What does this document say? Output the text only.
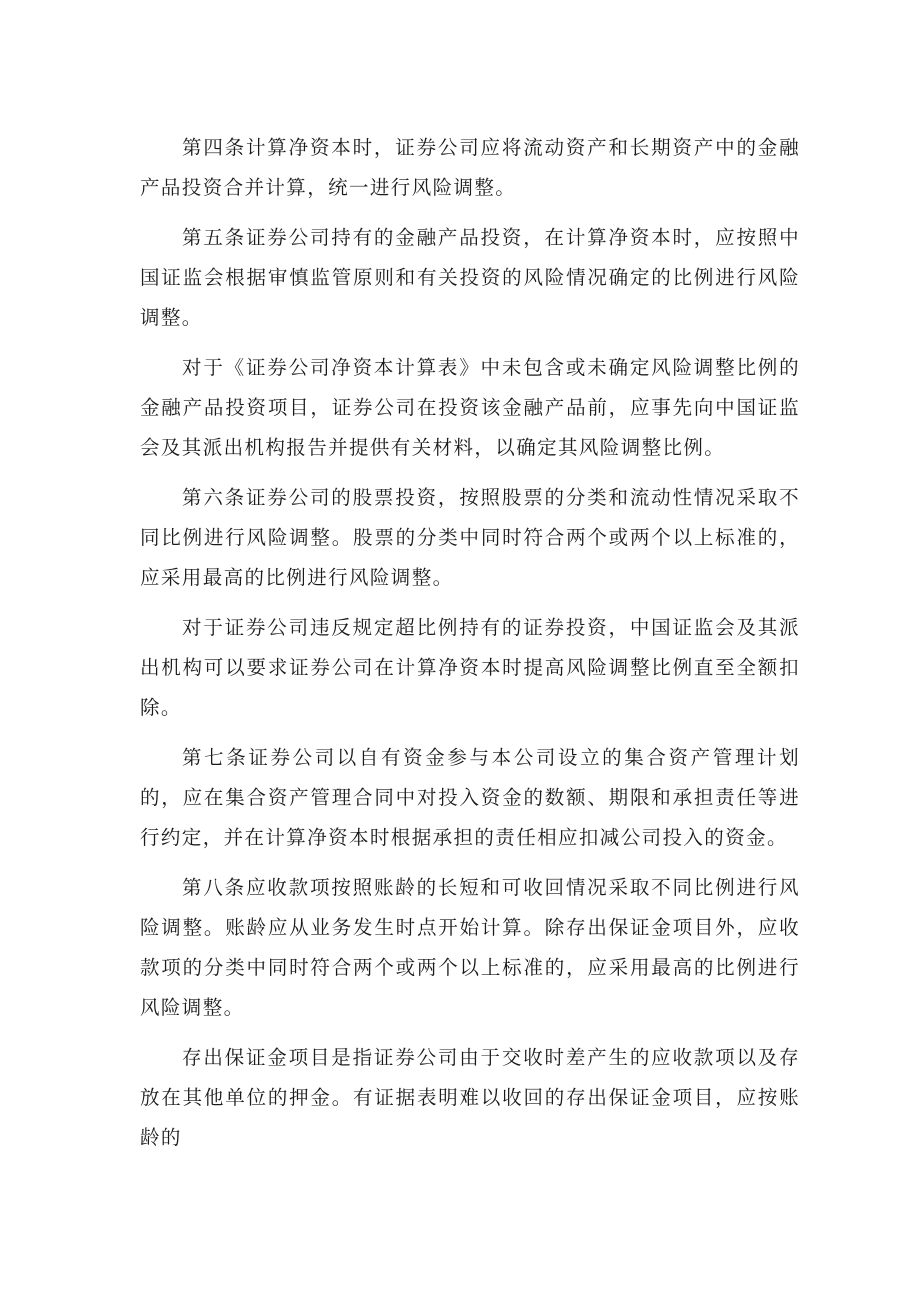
第四条计算净资本时，证券公司应将流动资产和长期资产中的金融产品投资合并计算，统一进行风险调整。

第五条证券公司持有的金融产品投资，在计算净资本时，应按照中国证监会根据审慎监管原则和有关投资的风险情况确定的比例进行风险调整。

对于《证券公司净资本计算表》中未包含或未确定风险调整比例的金融产品投资项目，证券公司在投资该金融产品前，应事先向中国证监会及其派出机构报告并提供有关材料，以确定其风险调整比例。

第六条证券公司的股票投资，按照股票的分类和流动性情况采取不同比例进行风险调整。股票的分类中同时符合两个或两个以上标准的，应采用最高的比例进行风险调整。

对于证券公司违反规定超比例持有的证券投资，中国证监会及其派出机构可以要求证券公司在计算净资本时提高风险调整比例直至全额扣除。

第七条证券公司以自有资金参与本公司设立的集合资产管理计划的，应在集合资产管理合同中对投入资金的数额、期限和承担责任等进行约定，并在计算净资本时根据承担的责任相应扣减公司投入的资金。

第八条应收款项按照账龄的长短和可收回情况采取不同比例进行风险调整。账龄应从业务发生时点开始计算。除存出保证金项目外，应收款项的分类中同时符合两个或两个以上标准的，应采用最高的比例进行风险调整。

存出保证金项目是指证券公司由于交收时差产生的应收款项以及存放在其他单位的押金。有证据表明难以收回的存出保证金项目，应按账龄的
